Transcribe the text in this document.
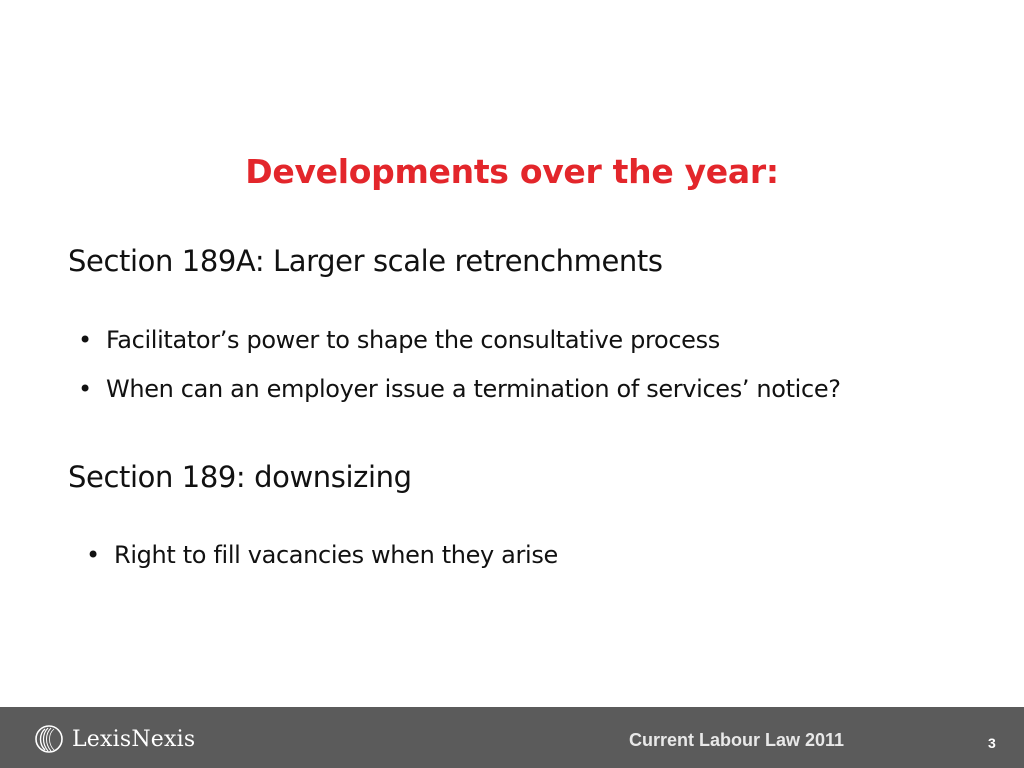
Developments over the year:
Section 189A: Larger scale retrenchments
• Facilitator’s power to shape the consultative process
• When can an employer issue a termination of services’ notice?
Section 189: downsizing
• Right to fill vacancies when they arise
LexisNexis	Current Labour Law 2011	3
